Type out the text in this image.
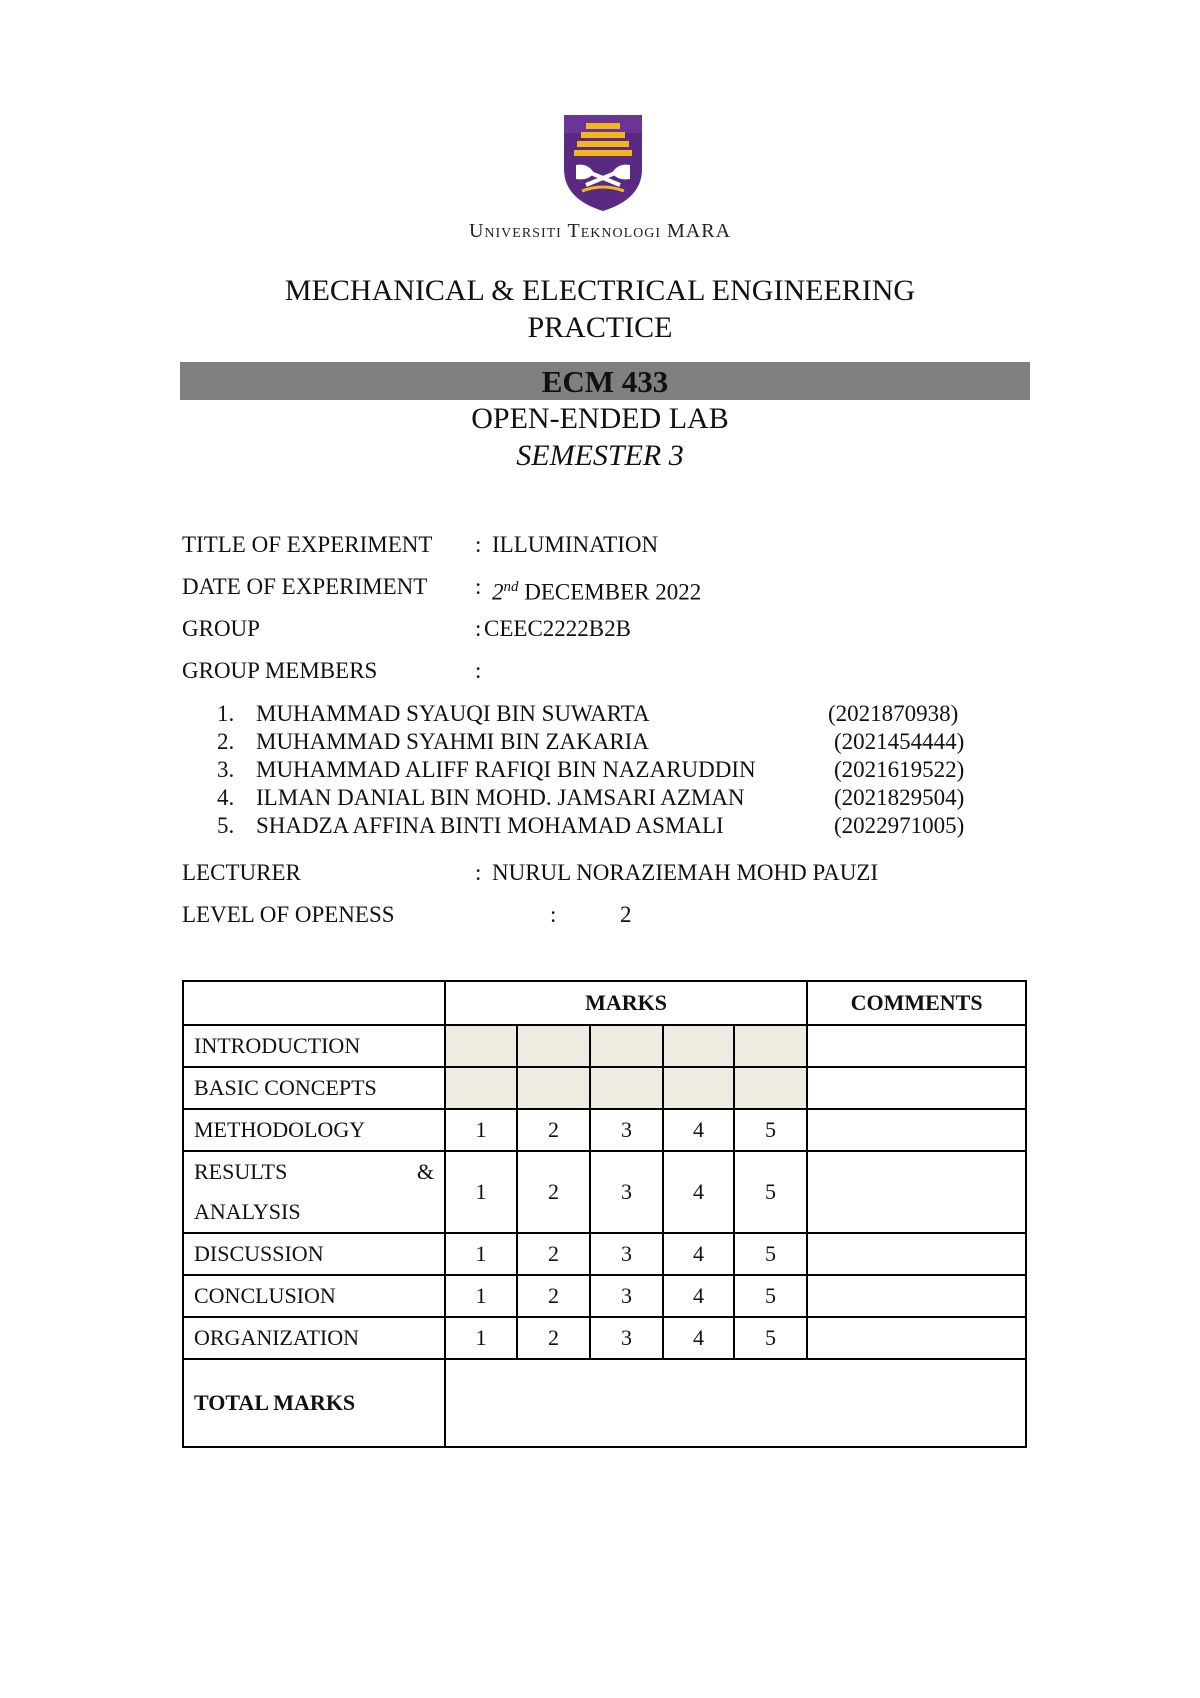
Universiti Teknologi MARA
MECHANICAL & ELECTRICAL ENGINEERING
PRACTICE
ECM 433
OPEN-ENDED LAB
SEMESTER 3
TITLE OF EXPERIMENT : ILLUMINATION
DATE OF EXPERIMENT : 2nd DECEMBER 2022
GROUP	: CEEC2222B2B
GROUP MEMBERS	:
1. MUHAMMAD SYAUQI BIN SUWARTA	(2021870938)
2. MUHAMMAD SYAHMI BIN ZAKARIA	(2021454444)
3. MUHAMMAD ALIFF RAFIQI BIN NAZARUDDIN	(2021619522)
4. ILMAN DANIAL BIN MOHD. JAMSARI AZMAN	(2021829504)
5. SHADZA AFFINA BINTI MOHAMAD ASMALI	(2022971005)
LECTURER	: NURUL NORAZIEMAH MOHD PAUZI
LEVEL OF OPENESS	:	2
	MARKS					COMMENTS
INTRODUCTION						
BASIC CONCEPTS						
METHODOLOGY	1	2	3	4	5	

RESULTS &
ANALYSIS	1	2	3	4	5	
DISCUSSION	1	2	3	4	5	
CONCLUSION	1	2	3	4	5	
ORGANIZATION	1	2	3	4	5	
TOTAL MARKS						
